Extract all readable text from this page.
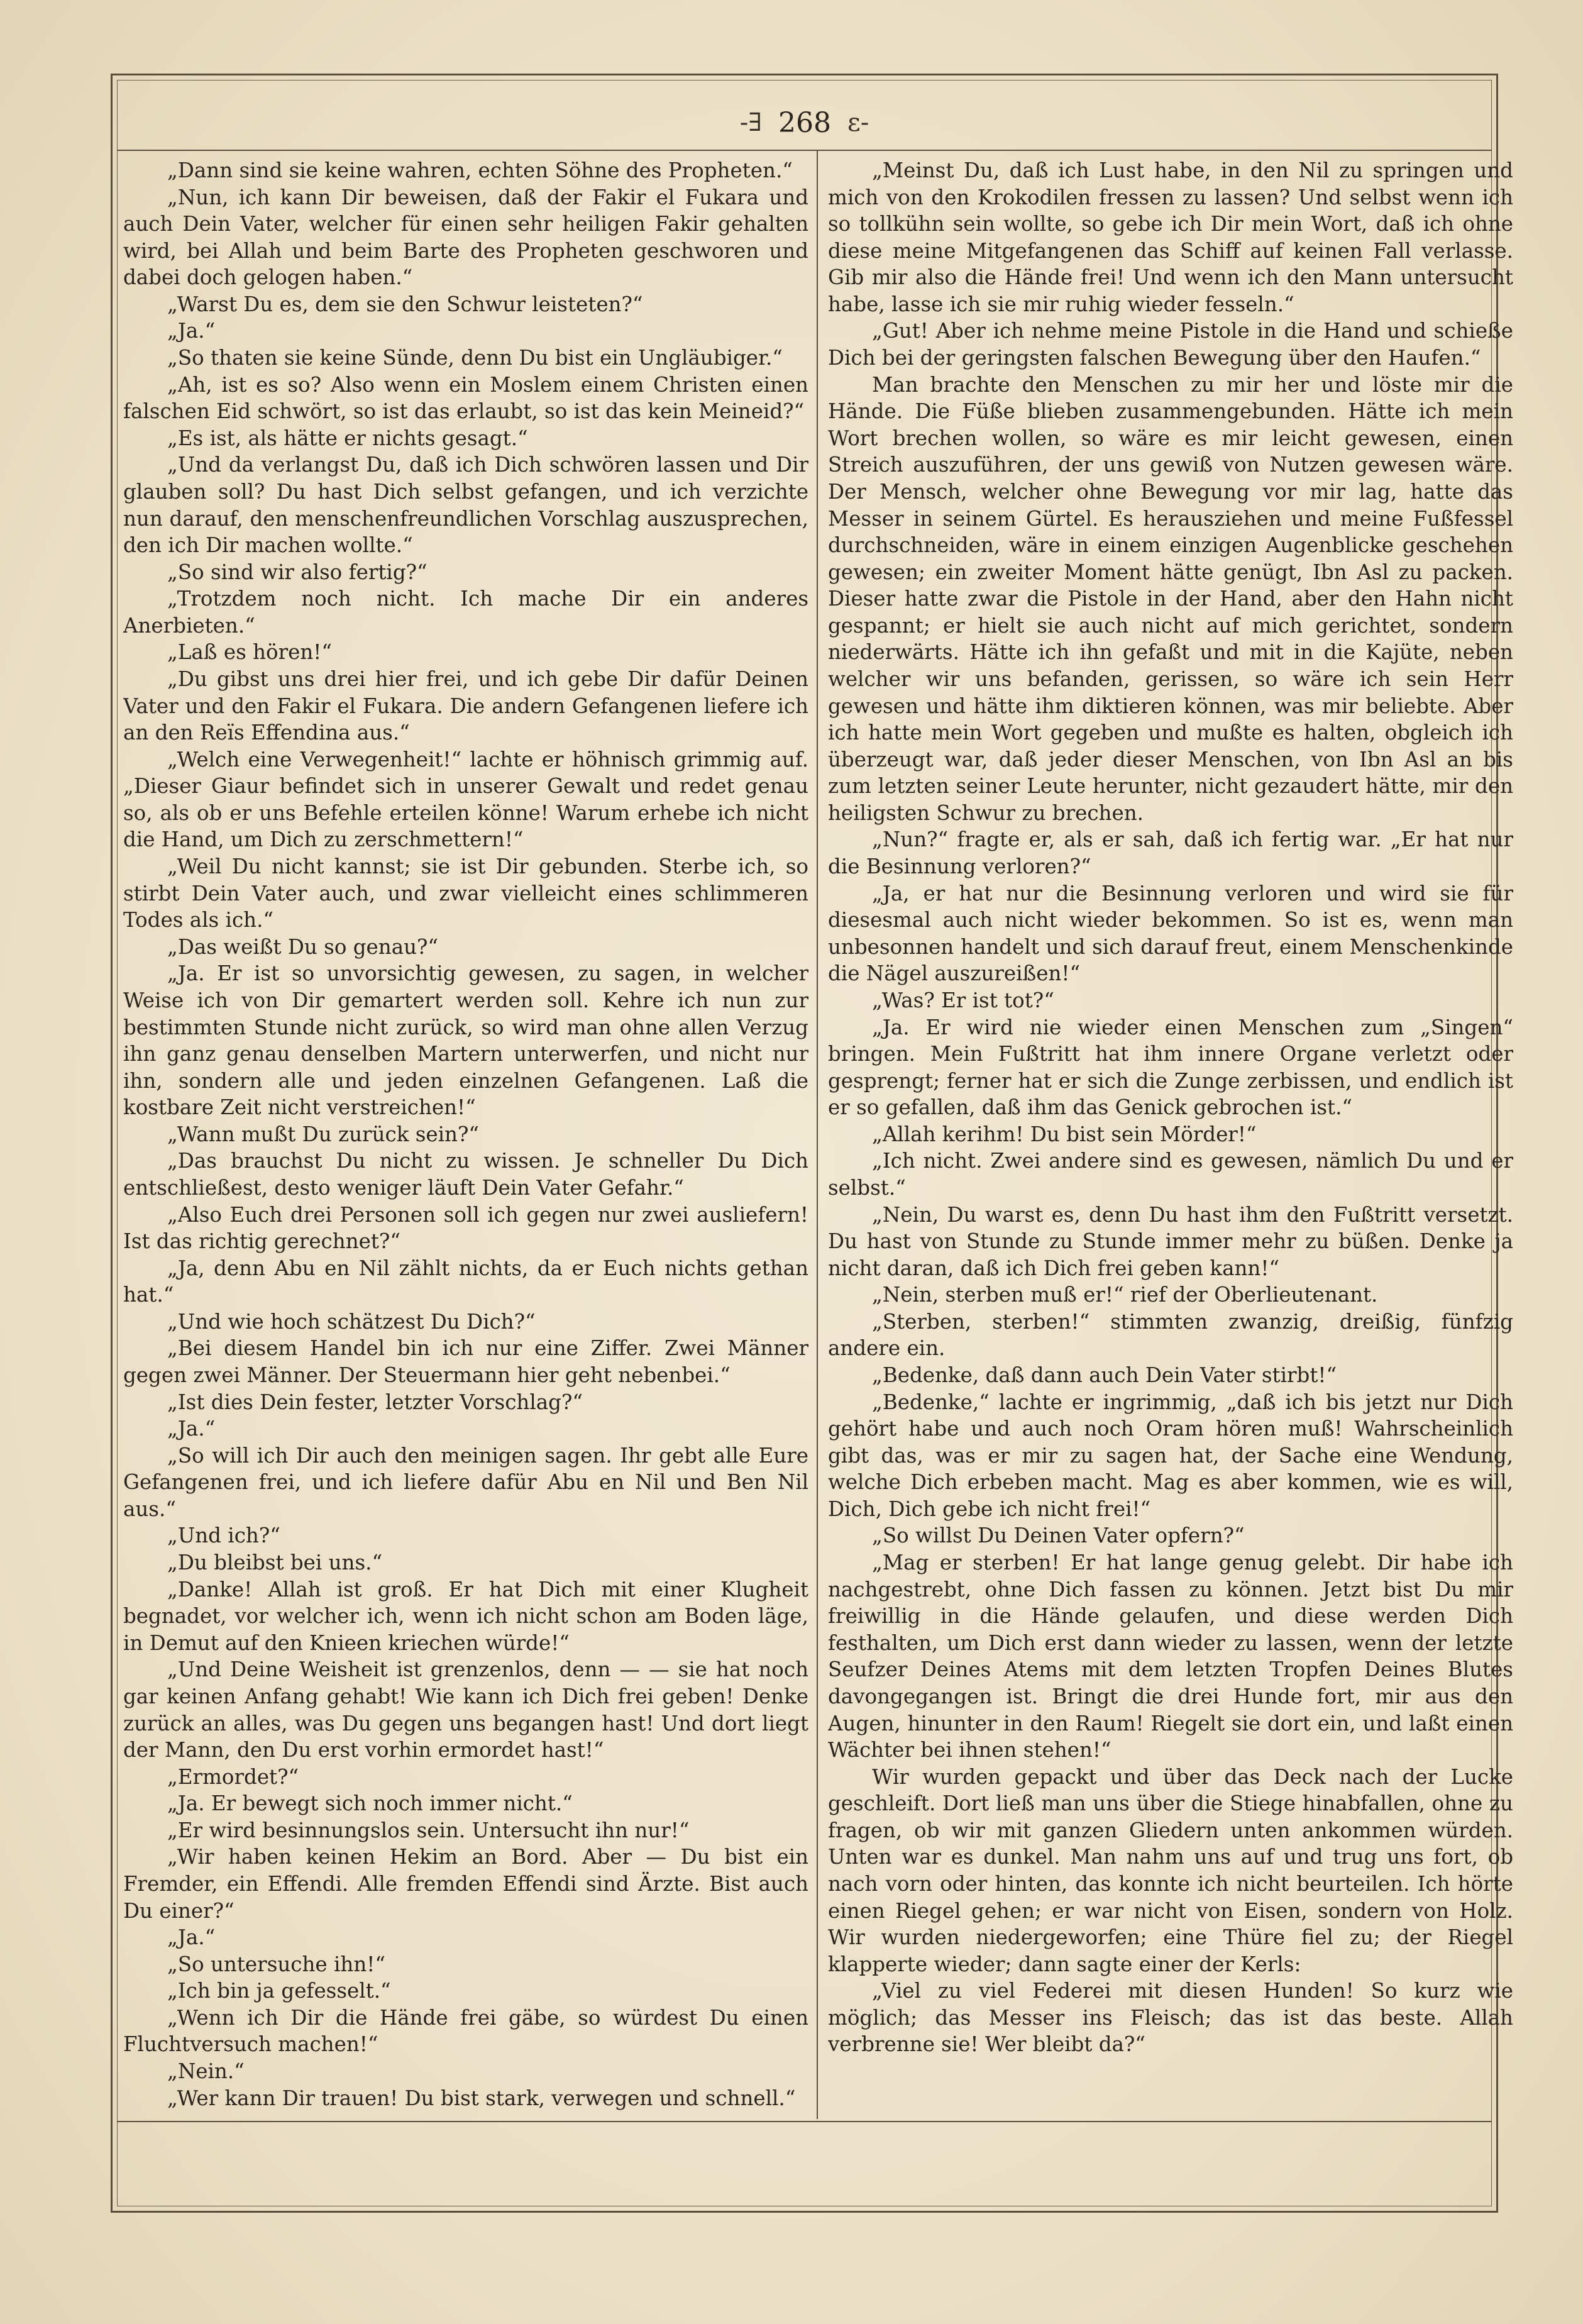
-∃ 268 ε-

„Dann sind sie keine wahren, echten Söhne des Propheten.“

„Nun, ich kann Dir beweisen, daß der Fakir el Fukara und auch Dein Vater, welcher für einen sehr heiligen Fakir gehalten wird, bei Allah und beim Barte des Propheten geschworen und dabei doch gelogen haben.“

„Warst Du es, dem sie den Schwur leisteten?“

„Ja.“

„So thaten sie keine Sünde, denn Du bist ein Ungläubiger.“

„Ah, ist es so? Also wenn ein Moslem einem Christen einen falschen Eid schwört, so ist das erlaubt, so ist das kein Meineid?“

„Es ist, als hätte er nichts gesagt.“

„Und da verlangst Du, daß ich Dich schwören lassen und Dir glauben soll? Du hast Dich selbst gefangen, und ich verzichte nun darauf, den menschenfreundlichen Vorschlag auszusprechen, den ich Dir machen wollte.“

„So sind wir also fertig?“

„Trotzdem noch nicht. Ich mache Dir ein anderes Anerbieten.“

„Laß es hören!“

„Du gibst uns drei hier frei, und ich gebe Dir dafür Deinen Vater und den Fakir el Fukara. Die andern Gefangenen liefere ich an den Reïs Effendina aus.“

„Welch eine Verwegenheit!“ lachte er höhnisch grimmig auf. „Dieser Giaur befindet sich in unserer Gewalt und redet genau so, als ob er uns Befehle erteilen könne! Warum erhebe ich nicht die Hand, um Dich zu zerschmettern!“

„Weil Du nicht kannst; sie ist Dir gebunden. Sterbe ich, so stirbt Dein Vater auch, und zwar vielleicht eines schlimmeren Todes als ich.“

„Das weißt Du so genau?“

„Ja. Er ist so unvorsichtig gewesen, zu sagen, in welcher Weise ich von Dir gemartert werden soll. Kehre ich nun zur bestimmten Stunde nicht zurück, so wird man ohne allen Verzug ihn ganz genau denselben Martern unterwerfen, und nicht nur ihn, sondern alle und jeden einzelnen Gefangenen. Laß die kostbare Zeit nicht verstreichen!“

„Wann mußt Du zurück sein?“

„Das brauchst Du nicht zu wissen. Je schneller Du Dich entschließest, desto weniger läuft Dein Vater Gefahr.“

„Also Euch drei Personen soll ich gegen nur zwei ausliefern! Ist das richtig gerechnet?“

„Ja, denn Abu en Nil zählt nichts, da er Euch nichts gethan hat.“

„Und wie hoch schätzest Du Dich?“

„Bei diesem Handel bin ich nur eine Ziffer. Zwei Männer gegen zwei Männer. Der Steuermann hier geht nebenbei.“

„Ist dies Dein fester, letzter Vorschlag?“

„Ja.“

„So will ich Dir auch den meinigen sagen. Ihr gebt alle Eure Gefangenen frei, und ich liefere dafür Abu en Nil und Ben Nil aus.“

„Und ich?“

„Du bleibst bei uns.“

„Danke! Allah ist groß. Er hat Dich mit einer Klugheit begnadet, vor welcher ich, wenn ich nicht schon am Boden läge, in Demut auf den Knieen kriechen würde!“

„Und Deine Weisheit ist grenzenlos, denn — — sie hat noch gar keinen Anfang gehabt! Wie kann ich Dich frei geben! Denke zurück an alles, was Du gegen uns begangen hast! Und dort liegt der Mann, den Du erst vorhin ermordet hast!“

„Ermordet?“

„Ja. Er bewegt sich noch immer nicht.“

„Er wird besinnungslos sein. Untersucht ihn nur!“

„Wir haben keinen Hekim an Bord. Aber — Du bist ein Fremder, ein Effendi. Alle fremden Effendi sind Ärzte. Bist auch Du einer?“

„Ja.“

„So untersuche ihn!“

„Ich bin ja gefesselt.“

„Wenn ich Dir die Hände frei gäbe, so würdest Du einen Fluchtversuch machen!“

„Nein.“

„Wer kann Dir trauen! Du bist stark, verwegen und schnell.“

„Meinst Du, daß ich Lust habe, in den Nil zu springen und mich von den Krokodilen fressen zu lassen? Und selbst wenn ich so tollkühn sein wollte, so gebe ich Dir mein Wort, daß ich ohne diese meine Mitgefangenen das Schiff auf keinen Fall verlasse. Gib mir also die Hände frei! Und wenn ich den Mann untersucht habe, lasse ich sie mir ruhig wieder fesseln.“

„Gut! Aber ich nehme meine Pistole in die Hand und schieße Dich bei der geringsten falschen Bewegung über den Haufen.“

Man brachte den Menschen zu mir her und löste mir die Hände. Die Füße blieben zusammengebunden. Hätte ich mein Wort brechen wollen, so wäre es mir leicht gewesen, einen Streich auszuführen, der uns gewiß von Nutzen gewesen wäre. Der Mensch, welcher ohne Bewegung vor mir lag, hatte das Messer in seinem Gürtel. Es herausziehen und meine Fußfessel durchschneiden, wäre in einem einzigen Augenblicke geschehen gewesen; ein zweiter Moment hätte genügt, Ibn Asl zu packen. Dieser hatte zwar die Pistole in der Hand, aber den Hahn nicht gespannt; er hielt sie auch nicht auf mich gerichtet, sondern niederwärts. Hätte ich ihn gefaßt und mit in die Kajüte, neben welcher wir uns befanden, gerissen, so wäre ich sein Herr gewesen und hätte ihm diktieren können, was mir beliebte. Aber ich hatte mein Wort gegeben und mußte es halten, obgleich ich überzeugt war, daß jeder dieser Menschen, von Ibn Asl an bis zum letzten seiner Leute herunter, nicht gezaudert hätte, mir den heiligsten Schwur zu brechen.

„Nun?“ fragte er, als er sah, daß ich fertig war. „Er hat nur die Besinnung verloren?“

„Ja, er hat nur die Besinnung verloren und wird sie für diesesmal auch nicht wieder bekommen. So ist es, wenn man unbesonnen handelt und sich darauf freut, einem Menschenkinde die Nägel auszureißen!“

„Was? Er ist tot?“

„Ja. Er wird nie wieder einen Menschen zum „Singen“ bringen. Mein Fußtritt hat ihm innere Organe verletzt oder gesprengt; ferner hat er sich die Zunge zerbissen, und endlich ist er so gefallen, daß ihm das Genick gebrochen ist.“

„Allah kerihm! Du bist sein Mörder!“

„Ich nicht. Zwei andere sind es gewesen, nämlich Du und er selbst.“

„Nein, Du warst es, denn Du hast ihm den Fußtritt versetzt. Du hast von Stunde zu Stunde immer mehr zu büßen. Denke ja nicht daran, daß ich Dich frei geben kann!“

„Nein, sterben muß er!“ rief der Oberlieutenant.

„Sterben, sterben!“ stimmten zwanzig, dreißig, fünfzig andere ein.

„Bedenke, daß dann auch Dein Vater stirbt!“

„Bedenke,“ lachte er ingrimmig, „daß ich bis jetzt nur Dich gehört habe und auch noch Oram hören muß! Wahrscheinlich gibt das, was er mir zu sagen hat, der Sache eine Wendung, welche Dich erbeben macht. Mag es aber kommen, wie es will, Dich, Dich gebe ich nicht frei!“

„So willst Du Deinen Vater opfern?“

„Mag er sterben! Er hat lange genug gelebt. Dir habe ich nachgestrebt, ohne Dich fassen zu können. Jetzt bist Du mir freiwillig in die Hände gelaufen, und diese werden Dich festhalten, um Dich erst dann wieder zu lassen, wenn der letzte Seufzer Deines Atems mit dem letzten Tropfen Deines Blutes davongegangen ist. Bringt die drei Hunde fort, mir aus den Augen, hinunter in den Raum! Riegelt sie dort ein, und laßt einen Wächter bei ihnen stehen!“

Wir wurden gepackt und über das Deck nach der Lucke geschleift. Dort ließ man uns über die Stiege hinabfallen, ohne zu fragen, ob wir mit ganzen Gliedern unten ankommen würden. Unten war es dunkel. Man nahm uns auf und trug uns fort, ob nach vorn oder hinten, das konnte ich nicht beurteilen. Ich hörte einen Riegel gehen; er war nicht von Eisen, sondern von Holz. Wir wurden niedergeworfen; eine Thüre fiel zu; der Riegel klapperte wieder; dann sagte einer der Kerls:

„Viel zu viel Federei mit diesen Hunden! So kurz wie möglich; das Messer ins Fleisch; das ist das beste. Allah verbrenne sie! Wer bleibt da?“
